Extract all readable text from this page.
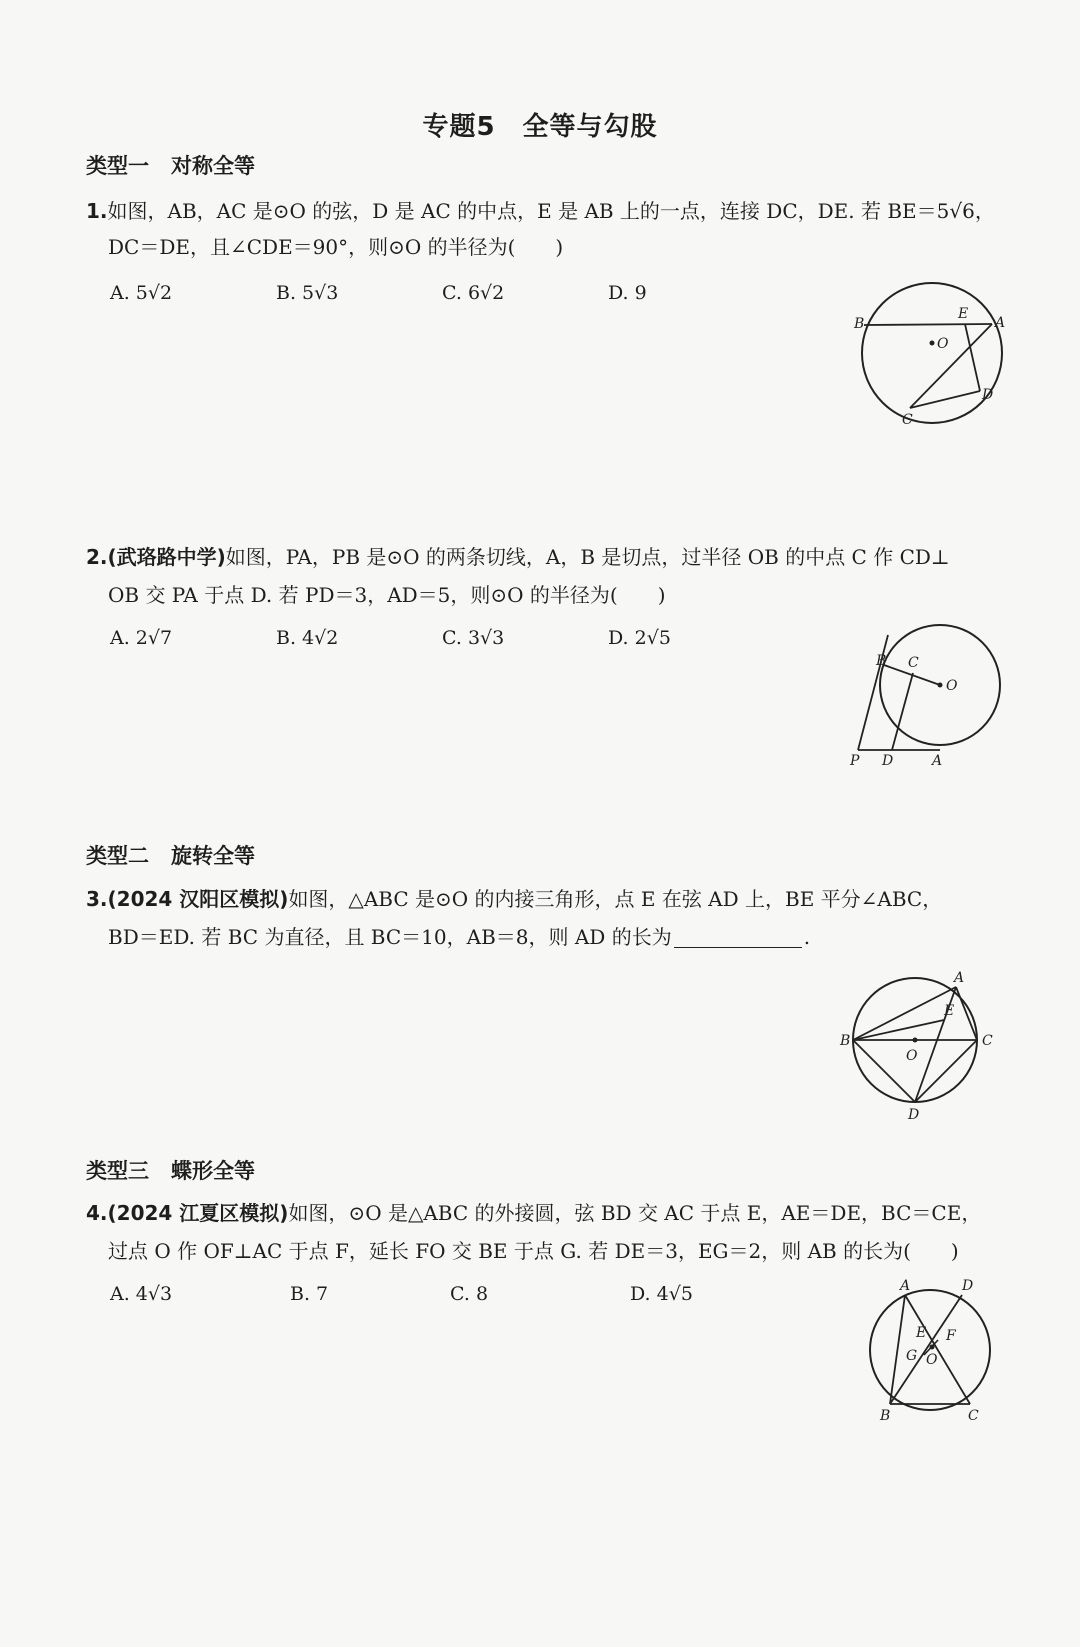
专题5　全等与勾股
类型一 对称全等
1.如图，AB，AC 是⊙O 的弦，D 是 AC 的中点，E 是 AB 上的一点，连接 DC，DE. 若 BE＝5√6，
DC＝DE，且∠CDE＝90°，则⊙O 的半径为(　　)
A. 5√2	B. 5√3	C. 6√2	D. 9
B
E
A
O
D
C
2.(武珞路中学)如图，PA，PB 是⊙O 的两条切线，A，B 是切点，过半径 OB 的中点 C 作 CD⊥
OB 交 PA 于点 D. 若 PD＝3，AD＝5，则⊙O 的半径为(　　)
A. 2√7	B. 4√2	C. 3√3	D. 2√5
B C
O
P D	A
类型二 旋转全等
3.(2024 汉阳区模拟)如图，△ABC 是⊙O 的内接三角形，点 E 在弦 AD 上，BE 平分∠ABC，
BD＝ED. 若 BC 为直径，且 BC＝10，AB＝8，则 AD 的长为	.
A
E
B	C
O
D
类型三 蝶形全等
4.(2024 江夏区模拟)如图，⊙O 是△ABC 的外接圆，弦 BD 交 AC 于点 E，AE＝DE，BC＝CE，
过点 O 作 OF⊥AC 于点 F，延长 FO 交 BE 于点 G. 若 DE＝3，EG＝2，则 AB 的长为(　　)
A. 4√3	B. 7	C. 8	D. 4√5	A	D
E F
G O
B	C
